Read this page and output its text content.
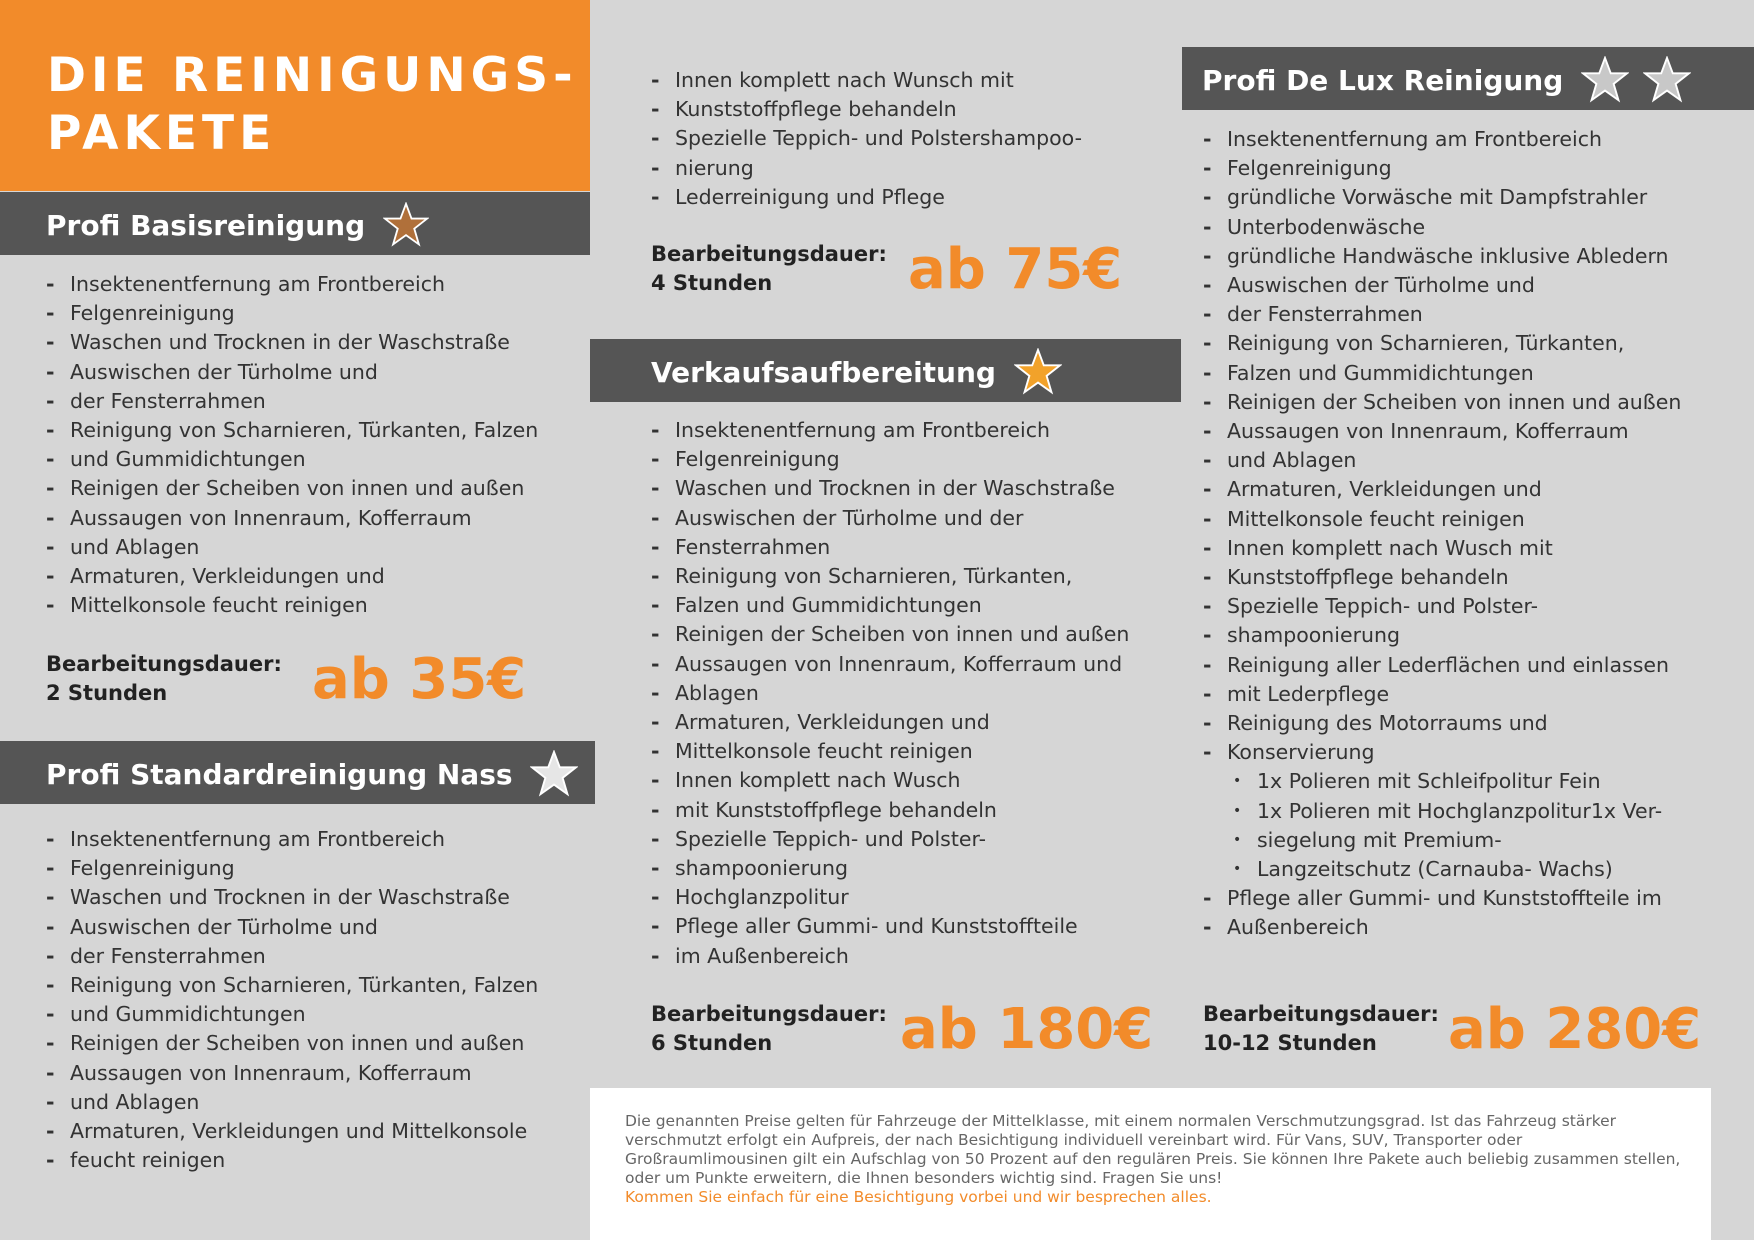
DIE REINIGUNGS-
PAKETE
Profi Basisreinigung
- Insektenentfernung am Frontbereich
- Felgenreinigung
- Waschen und Trocknen in der Waschstraße
- Auswischen der Türholme und
- der Fensterrahmen
- Reinigung von Scharnieren, Türkanten, Falzen
- und Gummidichtungen
- Reinigen der Scheiben von innen und außen
- Aussaugen von Innenraum, Kofferraum
- und Ablagen
- Armaturen, Verkleidungen und
- Mittelkonsole feucht reinigen
Bearbeitungsdauer:
2 Stunden	ab 35€
Profi Standardreinigung Nass
- Insektenentfernung am Frontbereich
- Felgenreinigung
- Waschen und Trocknen in der Waschstraße
- Auswischen der Türholme und
- der Fensterrahmen
- Reinigung von Scharnieren, Türkanten, Falzen
- und Gummidichtungen
- Reinigen der Scheiben von innen und außen
- Aussaugen von Innenraum, Kofferraum
- und Ablagen
- Armaturen, Verkleidungen und Mittelkonsole
- feucht reinigen
- Innen komplett nach Wunsch mit
- Kunststoffpflege behandeln
- Spezielle Teppich- und Polstershampoo-
- nierung
- Lederreinigung und Pflege
Bearbeitungsdauer:
4 Stunden	ab 75€
Verkaufsaufbereitung
- Insektenentfernung am Frontbereich
- Felgenreinigung
- Waschen und Trocknen in der Waschstraße
- Auswischen der Türholme und der
- Fensterrahmen
- Reinigung von Scharnieren, Türkanten,
- Falzen und Gummidichtungen
- Reinigen der Scheiben von innen und außen
- Aussaugen von Innenraum, Kofferraum und
- Ablagen
- Armaturen, Verkleidungen und
- Mittelkonsole feucht reinigen
- Innen komplett nach Wusch
- mit Kunststoffpflege behandeln
- Spezielle Teppich- und Polster-
- shampoonierung
- Hochglanzpolitur
- Pflege aller Gummi- und Kunststoffteile
- im Außenbereich
Bearbeitungsdauer:
6 Stunden	ab 180€
Profi De Lux Reinigung
- Insektenentfernung am Frontbereich
- Felgenreinigung
- gründliche Vorwäsche mit Dampfstrahler
- Unterbodenwäsche
- gründliche Handwäsche inklusive Abledern
- Auswischen der Türholme und
- der Fensterrahmen
- Reinigung von Scharnieren, Türkanten,
- Falzen und Gummidichtungen
- Reinigen der Scheiben von innen und außen
- Aussaugen von Innenraum, Kofferraum
- und Ablagen
- Armaturen, Verkleidungen und
- Mittelkonsole feucht reinigen
- Innen komplett nach Wusch mit
- Kunststoffpflege behandeln
- Spezielle Teppich- und Polster-
- shampoonierung
- Reinigung aller Lederflächen und einlassen
- mit Lederpflege
- Reinigung des Motorraums und
- Konservierung
• 1x Polieren mit Schleifpolitur Fein
• 1x Polieren mit Hochglanzpolitur1x Ver-
• siegelung mit Premium-
• Langzeitschutz (Carnauba- Wachs)
- Pflege aller Gummi- und Kunststoffteile im
- Außenbereich
Bearbeitungsdauer:
10-12 Stunden	ab 280€
Die genannten Preise gelten für Fahrzeuge der Mittelklasse, mit einem normalen Verschmutzungsgrad. Ist das Fahrzeug stärker verschmutzt erfolgt ein Aufpreis, der nach Besichtigung individuell vereinbart wird. Für Vans, SUV, Transporter oder Großraumlimousinen gilt ein Aufschlag von 50 Prozent auf den regulären Preis. Sie können Ihre Pakete auch beliebig zusammen stellen, oder um Punkte erweitern, die Ihnen besonders wichtig sind. Fragen Sie uns!
Kommen Sie einfach für eine Besichtigung vorbei und wir besprechen alles.
